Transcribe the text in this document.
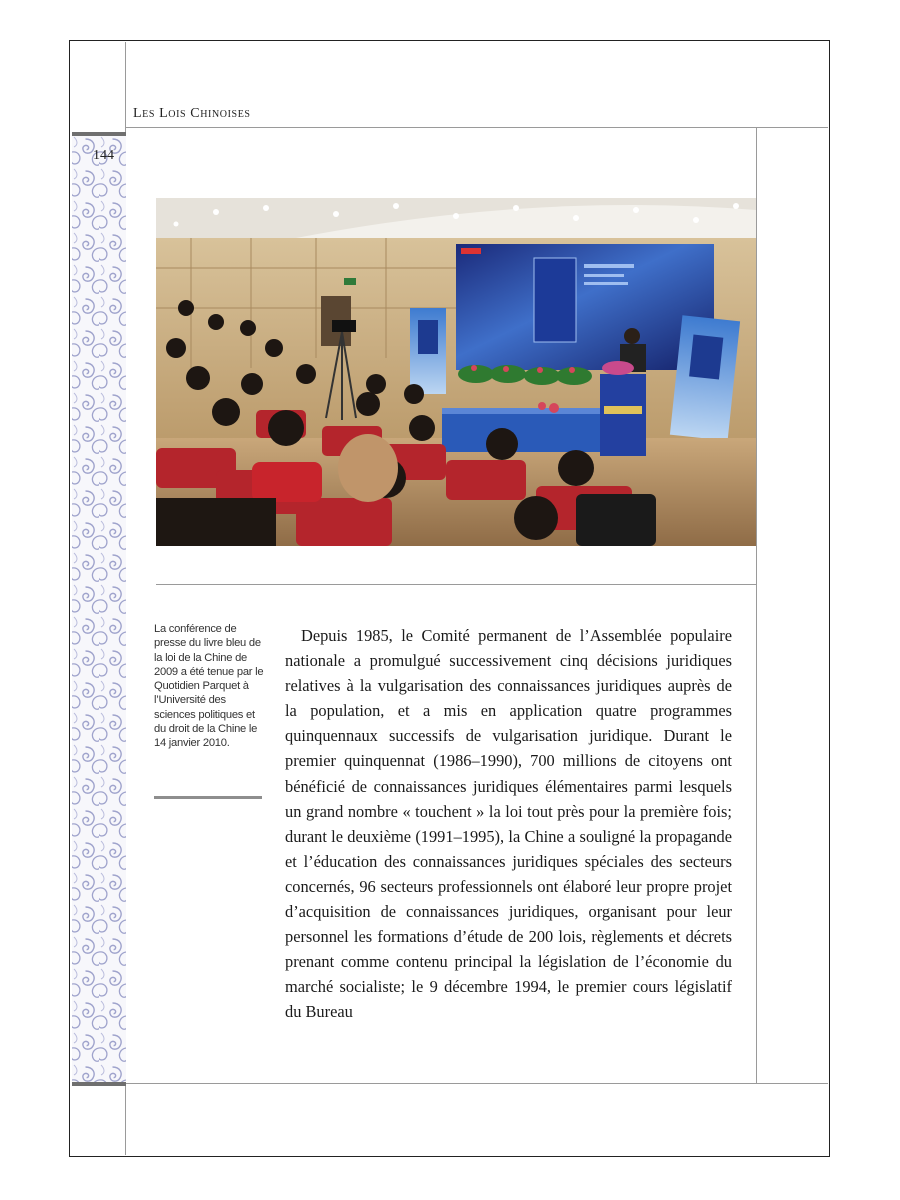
Les Lois Chinoises
144
La conférence de presse du livre bleu de la loi de la Chine de 2009 a été tenue par le Quotidien Parquet à l’Université des sciences politiques et du droit de la Chine le 14 janvier 2010.

Depuis 1985, le Comité permanent de l’Assemblée populaire nationale a promulgué successivement cinq décisions juridiques relatives à la vulgarisation des connaissances juridiques auprès de la population, et a mis en application quatre programmes quinquennaux successifs de vulgarisation juridique. Durant le premier quinquennat (1986–1990), 700 millions de citoyens ont bénéficié de connaissances juridiques élémentaires parmi lesquels un grand nombre « touchent » la loi tout près pour la première fois; durant le deuxième (1991–1995), la Chine a souligné la propagande et l’éducation des connaissances juridiques spéciales des secteurs concernés, 96 secteurs professionnels ont élaboré leur propre projet d’acquisition de connaissances juridiques, organisant pour leur personnel les formations d’étude de 200 lois, règlements et décrets prenant comme contenu principal la législation de l’économie du marché socialiste; le 9 décembre 1994, le premier cours législatif du Bureau
